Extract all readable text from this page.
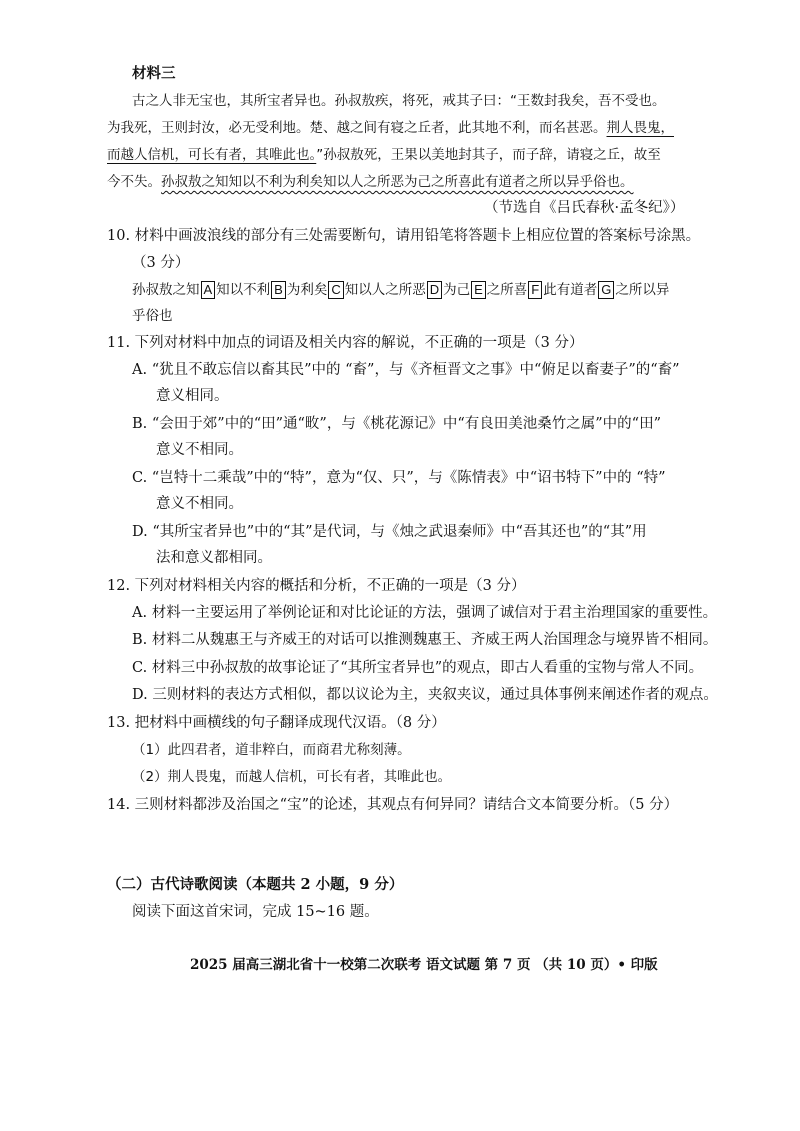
材料三
古之人非无宝也，其所宝者异也。孙叔敖疾，将死，戒其子曰：“王数封我矣，吾不受也。
为我死，王则封汝，必无受利地。楚、越之间有寝之丘者，此其地不利，而名甚恶。荆人畏鬼，
而越人信机，可长有者，其唯此也。”孙叔敖死，王果以美地封其子，而子辞，请寝之丘，故至
今不失。孙叔敖之知知以不利为利矣知以人之所恶为己之所喜此有道者之所以异乎俗也。
（节选自《吕氏春秋·孟冬纪》）
10. 材料中画波浪线的部分有三处需要断句，请用铅笔将答题卡上相应位置的答案标号涂黑。
（3 分）
孙叔敖之知 A 知以不利 B 为利矣 C 知以人之所恶 D 为己 E 之所喜 F 此有道者 G 之所以异
乎俗也
11. 下列对材料中加点的词语及相关内容的解说，不正确的一项是（3 分）
A. “犹且不敢忘信以畜其民”中的 “畜”，与《齐桓晋文之事》中“俯足以畜妻子”的“畜”
意义相同。
B. “会田于郊”中的“田”通“畋”，与《桃花源记》中“有良田美池桑竹之属”中的“田”
意义不相同。
C. “岂特十二乘哉”中的“特”，意为“仅、只”，与《陈情表》中“诏书特下”中的 “特”
意义不相同。
D. “其所宝者异也”中的“其”是代词，与《烛之武退秦师》中“吾其还也”的“其”用
法和意义都相同。
12. 下列对材料相关内容的概括和分析，不正确的一项是（3 分）
A. 材料一主要运用了举例论证和对比论证的方法，强调了诚信对于君主治理国家的重要性。
B. 材料二从魏惠王与齐威王的对话可以推测魏惠王、齐威王两人治国理念与境界皆不相同。
C. 材料三中孙叔敖的故事论证了“其所宝者异也”的观点，即古人看重的宝物与常人不同。
D. 三则材料的表达方式相似，都以议论为主，夹叙夹议，通过具体事例来阐述作者的观点。
13. 把材料中画横线的句子翻译成现代汉语。（8 分）
（1）此四君者，道非粹白，而商君尤称刻薄。
（2）荆人畏鬼，而越人信机，可长有者，其唯此也。
14. 三则材料都涉及治国之“宝”的论述，其观点有何异同？请结合文本简要分析。（5 分）
（二）古代诗歌阅读（本题共 2 小题，9 分）
阅读下面这首宋词，完成 15~16 题。
2025 届高三湖北省十一校第二次联考 语文试题 第 7 页 （共 10 页）• 印版
